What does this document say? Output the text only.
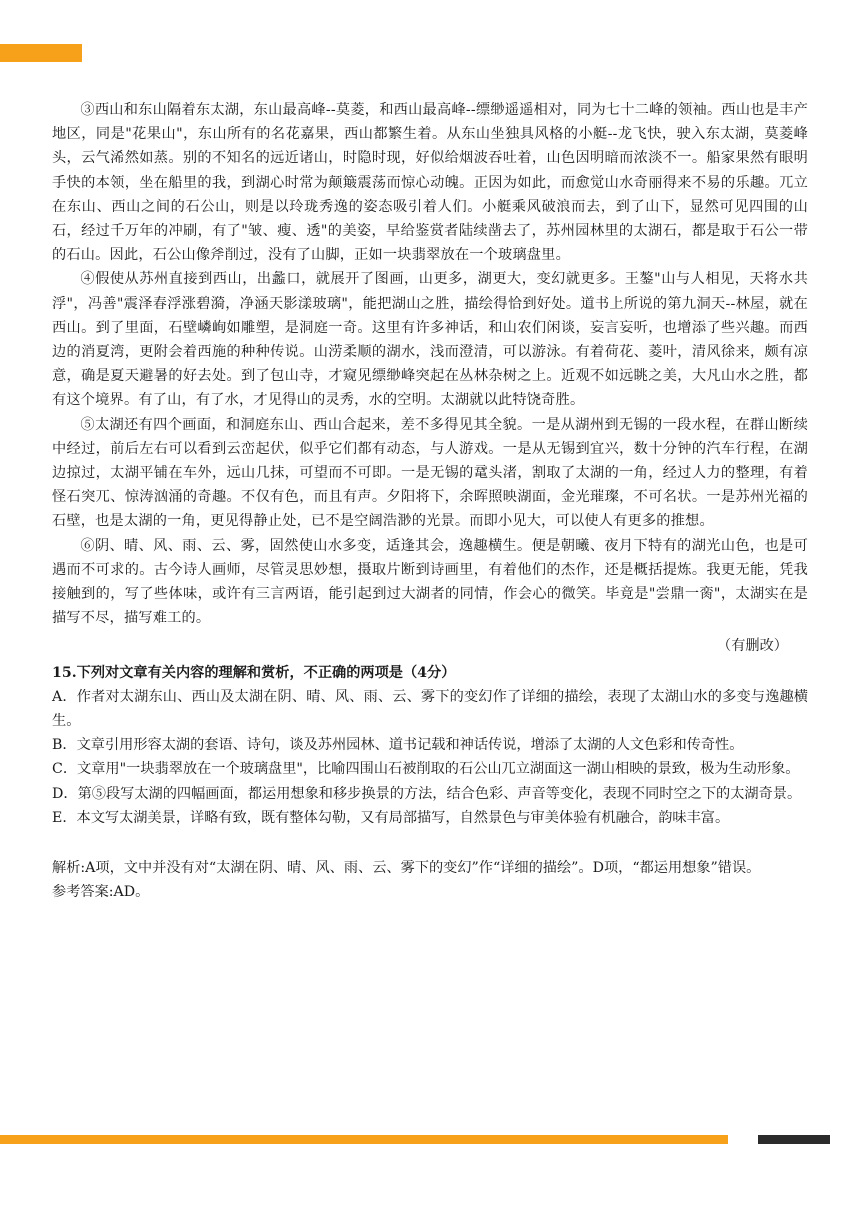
③西山和东山隔着东太湖，东山最高峰--莫菱，和西山最高峰--缥缈遥遥相对，同为七十二峰的领袖。西山也是丰产地区，同是"花果山"，东山所有的名花嘉果，西山都繁生着。从东山坐独具风格的小艇--龙飞快，驶入东太湖，莫菱峰头，云气浠然如蒸。别的不知名的远近诸山，时隐时现，好似给烟波吞吐着，山色因明暗而浓淡不一。船家果然有眼明手快的本领，坐在船里的我，到湖心时常为颠簸震荡而惊心动魄。正因为如此，而愈觉山水奇丽得来不易的乐趣。兀立在东山、西山之间的石公山，则是以玲珑秀逸的姿态吸引着人们。小艇乘风破浪而去，到了山下，显然可见四围的山石，经过千万年的冲刷，有了"皱、瘦、透"的美姿，早给鉴赏者陆续凿去了，苏州园林里的太湖石，都是取于石公一带的石山。因此，石公山像斧削过，没有了山脚，正如一块翡翠放在一个玻璃盘里。

④假使从苏州直接到西山，出蠡口，就展开了图画，山更多，湖更大，变幻就更多。王鏊"山与人相见，天将水共浮"，冯善"震泽春浮涨碧漪，净涵天影漾玻璃"，能把湖山之胜，描绘得恰到好处。道书上所说的第九洞天--林屋，就在西山。到了里面，石壁嶙峋如雕塑，是洞庭一奇。这里有许多神话，和山农们闲谈，妄言妄听，也增添了些兴趣。而西边的消夏湾，更附会着西施的种种传说。山涝柔顺的湖水，浅而澄清，可以游泳。有着荷花、菱叶，清风徐来，颇有凉意，确是夏天避暑的好去处。到了包山寺，才窥见缥缈峰突起在丛林杂树之上。近观不如远眺之美，大凡山水之胜，都有这个境界。有了山，有了水，才见得山的灵秀，水的空明。太湖就以此特饶奇胜。

⑤太湖还有四个画面，和洞庭东山、西山合起来，差不多得见其全貌。一是从湖州到无锡的一段水程，在群山断续中经过，前后左右可以看到云峦起伏，似乎它们都有动态，与人游戏。一是从无锡到宜兴，数十分钟的汽车行程，在湖边掠过，太湖平铺在车外，远山几抹，可望而不可即。一是无锡的鼋头渚，割取了太湖的一角，经过人力的整理，有着怪石突兀、惊涛汹涌的奇趣。不仅有色，而且有声。夕阳将下，余晖照映湖面，金光璀璨，不可名状。一是苏州光福的石壁，也是太湖的一角，更见得静止处，已不是空阔浩渺的光景。而即小见大，可以使人有更多的推想。

⑥阴、晴、风、雨、云、雾，固然使山水多变，适逢其会，逸趣横生。便是朝曦、夜月下特有的湖光山色，也是可遇而不可求的。古今诗人画师，尽管灵思妙想，摄取片断到诗画里，有着他们的杰作，还是概括提炼。我更无能，凭我接触到的，写了些体味，或许有三言两语，能引起到过大湖者的同情，作会心的微笑。毕竟是"尝鼎一脔"，太湖实在是描写不尽，描写难工的。

（有删改）

15.下列对文章有关内容的理解和赏析，不正确的两项是（4分）

A．作者对太湖东山、西山及太湖在阴、晴、风、雨、云、雾下的变幻作了详细的描绘，表现了太湖山水的多变与逸趣横生。

B．文章引用形容太湖的套语、诗句，谈及苏州园林、道书记载和神话传说，增添了太湖的人文色彩和传奇性。

C．文章用"一块翡翠放在一个玻璃盘里"，比喻四围山石被削取的石公山兀立湖面这一湖山相映的景致，极为生动形象。

D．第⑤段写太湖的四幅画面，都运用想象和移步换景的方法，结合色彩、声音等变化，表现不同时空之下的太湖奇景。

E．本文写太湖美景，详略有致，既有整体勾勒，又有局部描写，自然景色与审美体验有机融合，韵味丰富。

解析:A项，文中并没有对“太湖在阴、晴、风、雨、云、雾下的变幻”作“详细的描绘”。D项，“都运用想象”错误。

参考答案:AD。
